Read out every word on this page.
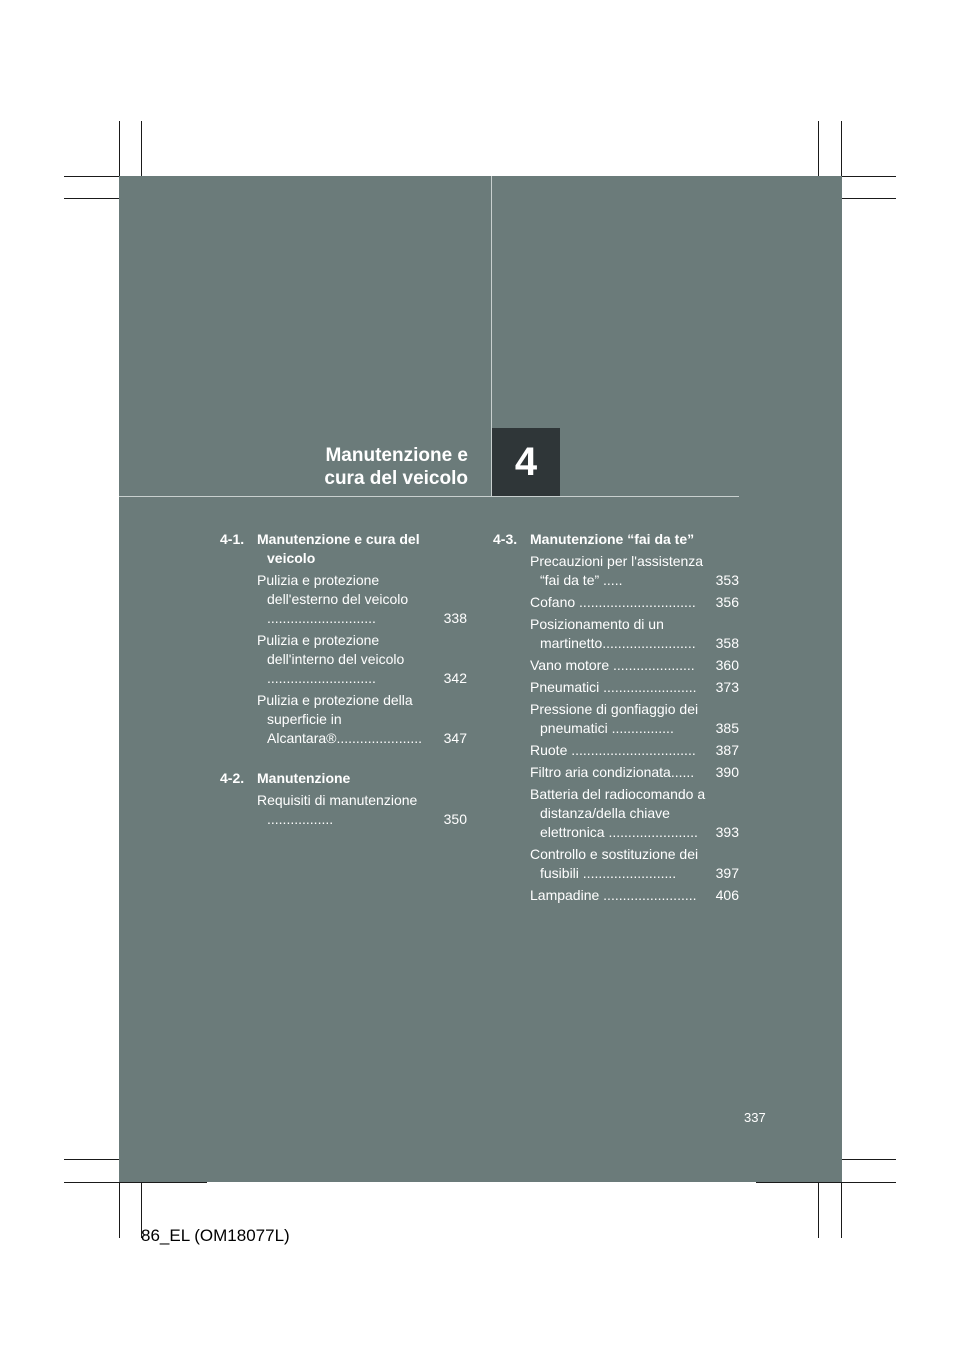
Manutenzione e
cura del veicolo 4
4-1. Manutenzione e cura del veicolo
Pulizia e protezione dell'esterno del veicolo ............................	338
Pulizia e protezione dell'interno del veicolo ............................	342
Pulizia e protezione della superficie in Alcantara®......................	347
4-2. Manutenzione
Requisiti di manutenzione .................	350
4-3. Manutenzione “fai da te”
Precauzioni per l'assistenza “fai da te” .....	353
Cofano ..............................	356
Posizionamento di un martinetto........................	358
Vano motore .....................	360
Pneumatici ........................	373
Pressione di gonfiaggio dei pneumatici ................	385
Ruote ................................	387
Filtro aria condizionata......	390
Batteria del radiocomando a distanza/della chiave elettronica .......................	393
Controllo e sostituzione dei fusibili ........................	397
Lampadine ........................	406
337
86_EL (OM18077L)
